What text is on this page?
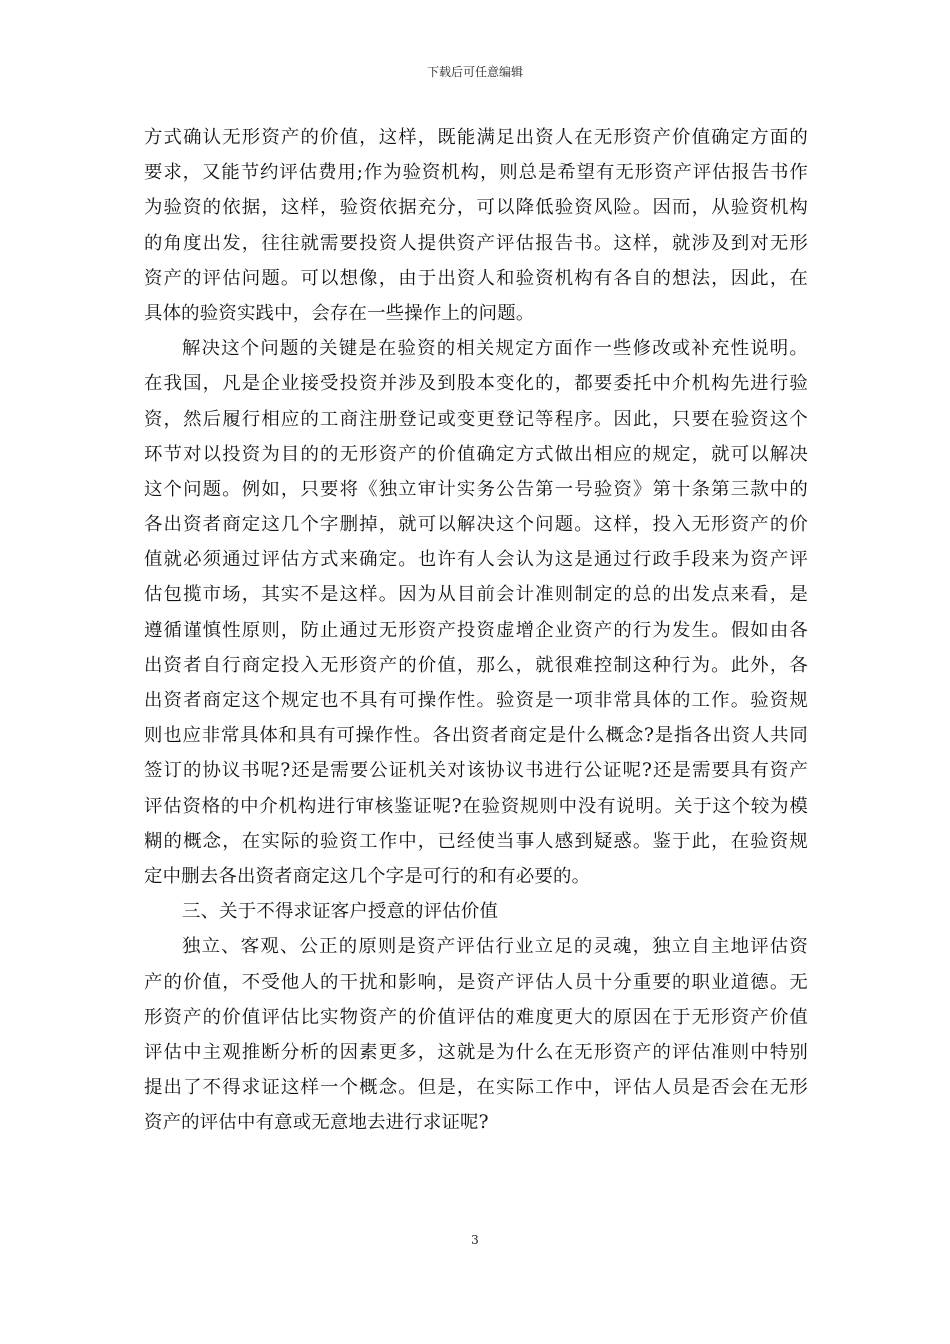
下载后可任意编辑
方式确认无形资产的价值，这样，既能满足出资人在无形资产价值确定方面的
要求，又能节约评估费用;作为验资机构，则总是希望有无形资产评估报告书作
为验资的依据，这样，验资依据充分，可以降低验资风险。因而，从验资机构
的角度出发，往往就需要投资人提供资产评估报告书。这样，就涉及到对无形
资产的评估问题。可以想像，由于出资人和验资机构有各自的想法，因此，在
具体的验资实践中，会存在一些操作上的问题。
解决这个问题的关键是在验资的相关规定方面作一些修改或补充性说明。
在我国，凡是企业接受投资并涉及到股本变化的，都要委托中介机构先进行验
资，然后履行相应的工商注册登记或变更登记等程序。因此，只要在验资这个
环节对以投资为目的的无形资产的价值确定方式做出相应的规定，就可以解决
这个问题。例如，只要将《独立审计实务公告第一号验资》第十条第三款中的
各出资者商定这几个字删掉，就可以解决这个问题。这样，投入无形资产的价
值就必须通过评估方式来确定。也许有人会认为这是通过行政手段来为资产评
估包揽市场，其实不是这样。因为从目前会计准则制定的总的出发点来看，是
遵循谨慎性原则，防止通过无形资产投资虚增企业资产的行为发生。假如由各
出资者自行商定投入无形资产的价值，那么，就很难控制这种行为。此外，各
出资者商定这个规定也不具有可操作性。验资是一项非常具体的工作。验资规
则也应非常具体和具有可操作性。各出资者商定是什么概念?是指各出资人共同
签订的协议书呢?还是需要公证机关对该协议书进行公证呢?还是需要具有资产
评估资格的中介机构进行审核鉴证呢?在验资规则中没有说明。关于这个较为模
糊的概念，在实际的验资工作中，已经使当事人感到疑惑。鉴于此，在验资规
定中删去各出资者商定这几个字是可行的和有必要的。
三、关于不得求证客户授意的评估价值
独立、客观、公正的原则是资产评估行业立足的灵魂，独立自主地评估资
产的价值，不受他人的干扰和影响，是资产评估人员十分重要的职业道德。无
形资产的价值评估比实物资产的价值评估的难度更大的原因在于无形资产价值
评估中主观推断分析的因素更多，这就是为什么在无形资产的评估准则中特别
提出了不得求证这样一个概念。但是，在实际工作中，评估人员是否会在无形
资产的评估中有意或无意地去进行求证呢?
3
